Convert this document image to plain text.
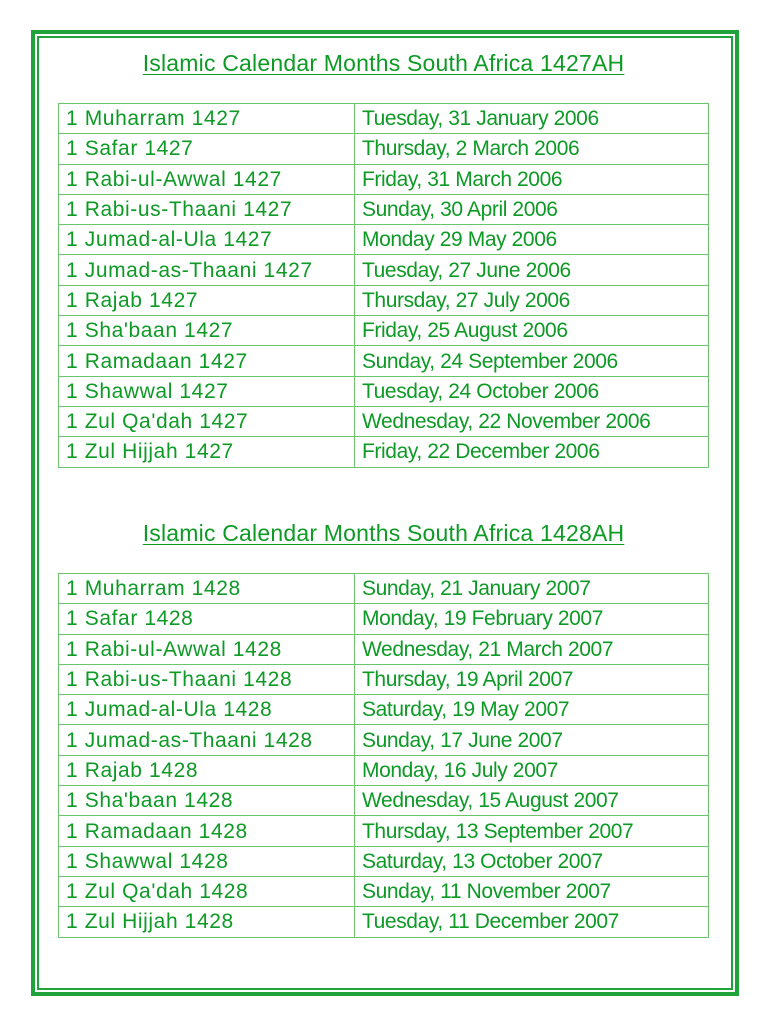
Islamic Calendar Months South Africa 1427AH
1 Muharram 1427	Tuesday, 31 January 2006
1 Safar 1427	Thursday, 2 March 2006
1 Rabi-ul-Awwal 1427	Friday, 31 March 2006
1 Rabi-us-Thaani 1427	Sunday, 30 April 2006
1 Jumad-al-Ula 1427	Monday 29 May 2006
1 Jumad-as-Thaani 1427	Tuesday, 27 June 2006
1 Rajab 1427	Thursday, 27 July 2006
1 Sha'baan 1427	Friday, 25 August 2006
1 Ramadaan 1427	Sunday, 24 September 2006
1 Shawwal 1427	Tuesday, 24 October 2006
1 Zul Qa'dah 1427	Wednesday, 22 November 2006
1 Zul Hijjah 1427	Friday, 22 December 2006
Islamic Calendar Months South Africa 1428AH
1 Muharram 1428	Sunday, 21 January 2007
1 Safar 1428	Monday, 19 February 2007
1 Rabi-ul-Awwal 1428	Wednesday, 21 March 2007
1 Rabi-us-Thaani 1428	Thursday, 19 April 2007
1 Jumad-al-Ula 1428	Saturday, 19 May 2007
1 Jumad-as-Thaani 1428	Sunday, 17 June 2007
1 Rajab 1428	Monday, 16 July 2007
1 Sha'baan 1428	Wednesday, 15 August 2007
1 Ramadaan 1428	Thursday, 13 September 2007
1 Shawwal 1428	Saturday, 13 October 2007
1 Zul Qa'dah 1428	Sunday, 11 November 2007
1 Zul Hijjah 1428	Tuesday, 11 December 2007
